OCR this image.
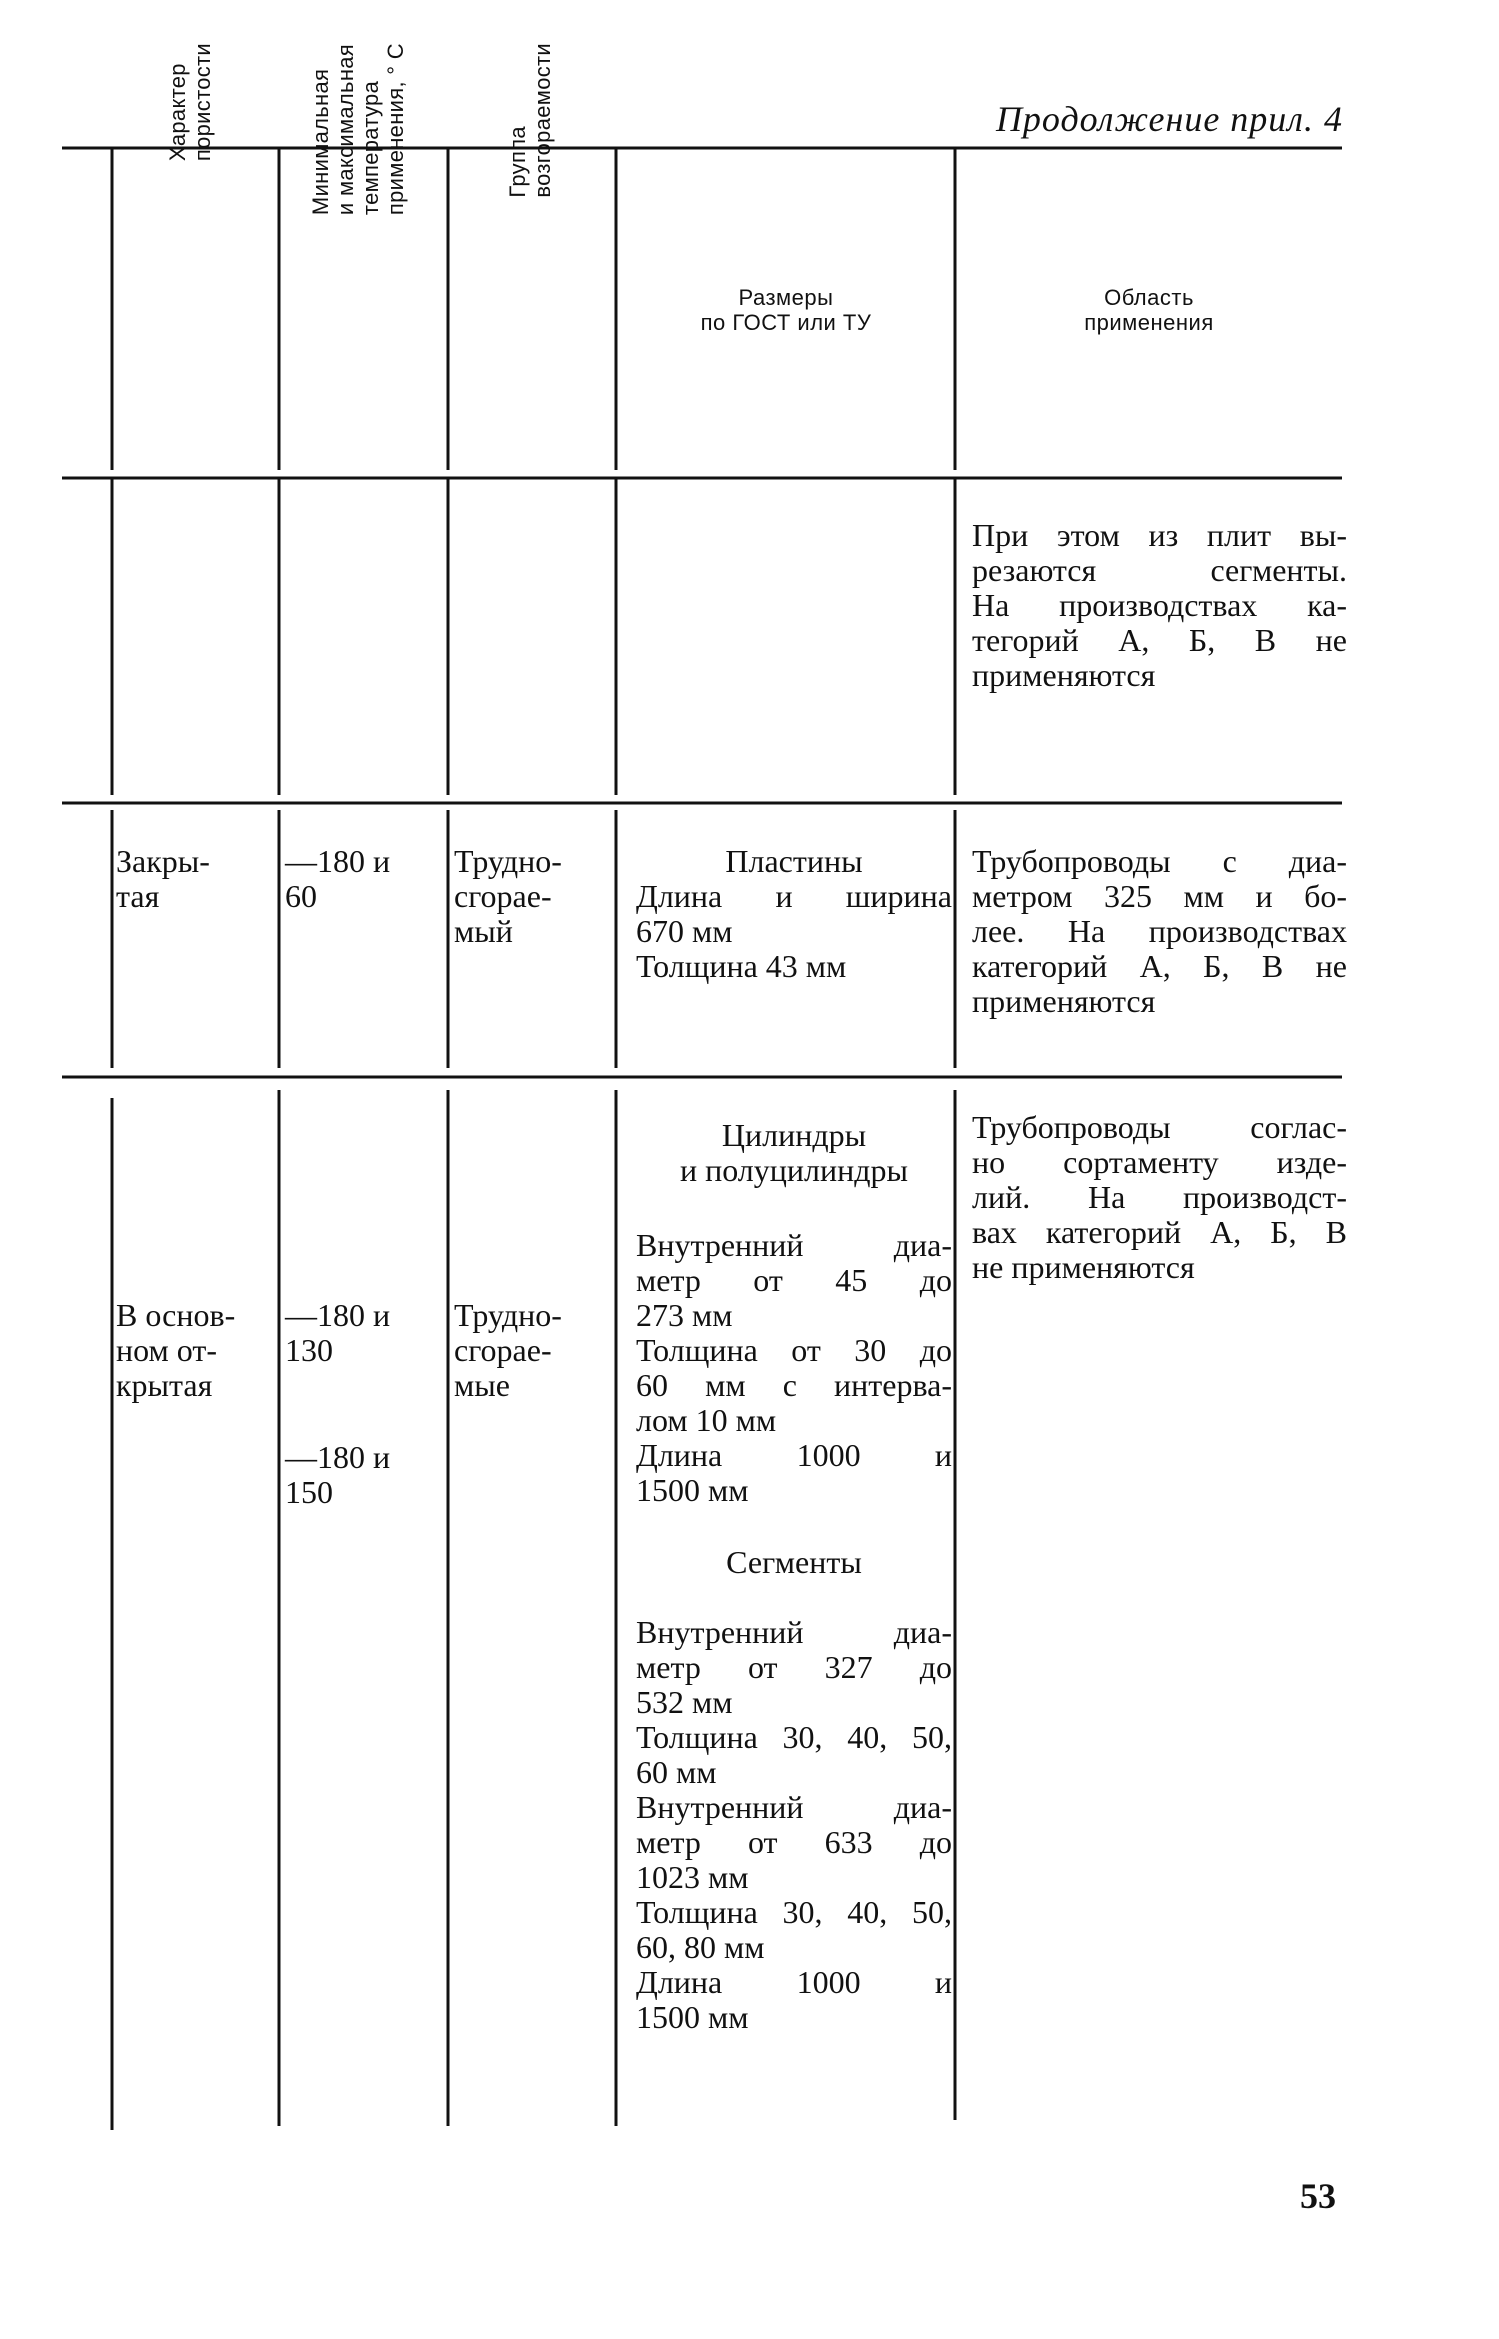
Продолжение прил. 4
Характер
пористости	Минимальная
и максимальная
температура
применения, ° С	Группа
возгораемости
Размеры
по ГОСТ или ТУ
Область
применения

При этом из плит вы-

резаются сегменты.

На производствах ка-

тегорий А, Б, В не

применяются

Закры-

тая

—180 и

60

Трудно-

сгорае-

мый

Пластины

Длина и ширина

670 мм

Толщина 43 мм

Трубопроводы с диа-

метром 325 мм и бо-

лее. На производствах

категорий А, Б, В не

применяются

В основ-

ном от-

крытая

—180 и

130

—180 и

150

Трудно-

сгорае-

мые

Цилиндры

и полуцилиндры

Внутренний диа-

метр от 45 до

273 мм

Толщина от 30 до

60 мм с интерва-

лом 10 мм

Длина 1000 и

1500 мм

Сегменты

Внутренний диа-

метр от 327 до

532 мм

Толщина 30, 40, 50,

60 мм

Внутренний диа-

метр от 633 до

1023 мм

Толщина 30, 40, 50,

60, 80 мм

Длина 1000 и

1500 мм

Трубопроводы соглас-

но сортаменту изде-

лий. На производст-

вах категорий А, Б, В

не применяются

53
